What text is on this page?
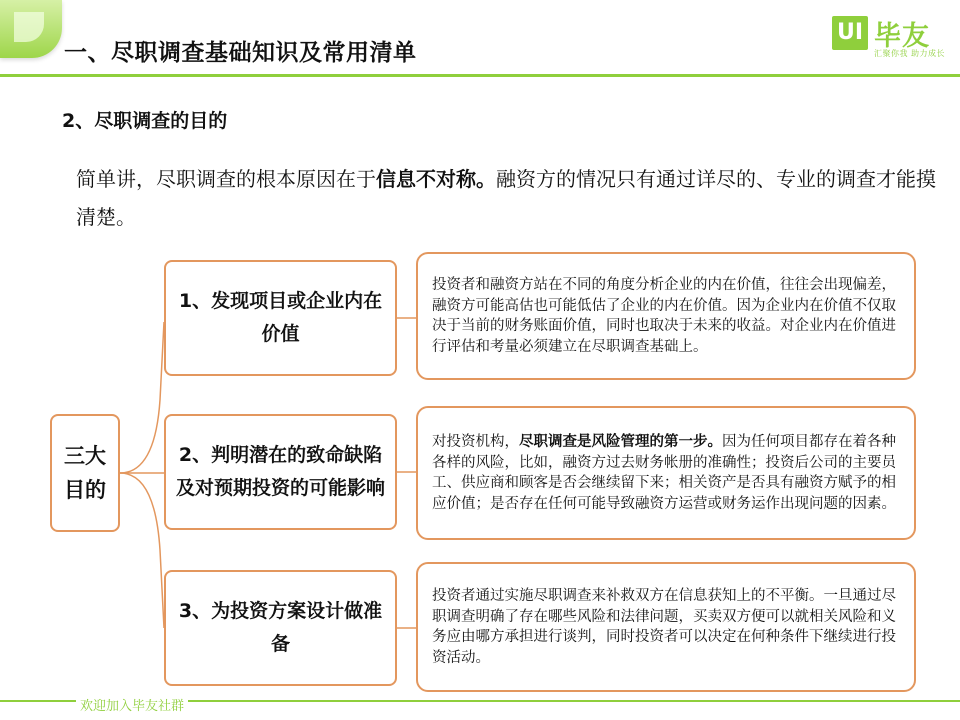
一、尽职调查基础知识及常用清单
UI 毕友
汇聚你我 助力成长
2、尽职调查的目的

简单讲，尽职调查的根本原因在于信息不对称。融资方的情况只有通过详尽的、专业的调查才能摸清楚。

三大目的
1、发现项目或企业内在价值
2、判明潜在的致命缺陷及对预期投资的可能影响
3、为投资方案设计做准备

投资者和融资方站在不同的角度分析企业的内在价值，往往会出现偏差，融资方可能高估也可能低估了企业的内在价值。因为企业内在价值不仅取决于当前的财务账面价值，同时也取决于未来的收益。对企业内在价值进行评估和考量必须建立在尽职调查基础上。

对投资机构，尽职调查是风险管理的第一步。因为任何项目都存在着各种各样的风险，比如，融资方过去财务帐册的准确性；投资后公司的主要员工、供应商和顾客是否会继续留下来；相关资产是否具有融资方赋予的相应价值；是否存在任何可能导致融资方运营或财务运作出现问题的因素。

投资者通过实施尽职调查来补救双方在信息获知上的不平衡。一旦通过尽职调查明确了存在哪些风险和法律问题，买卖双方便可以就相关风险和义务应由哪方承担进行谈判，同时投资者可以决定在何种条件下继续进行投资活动。

欢迎加入毕友社群
